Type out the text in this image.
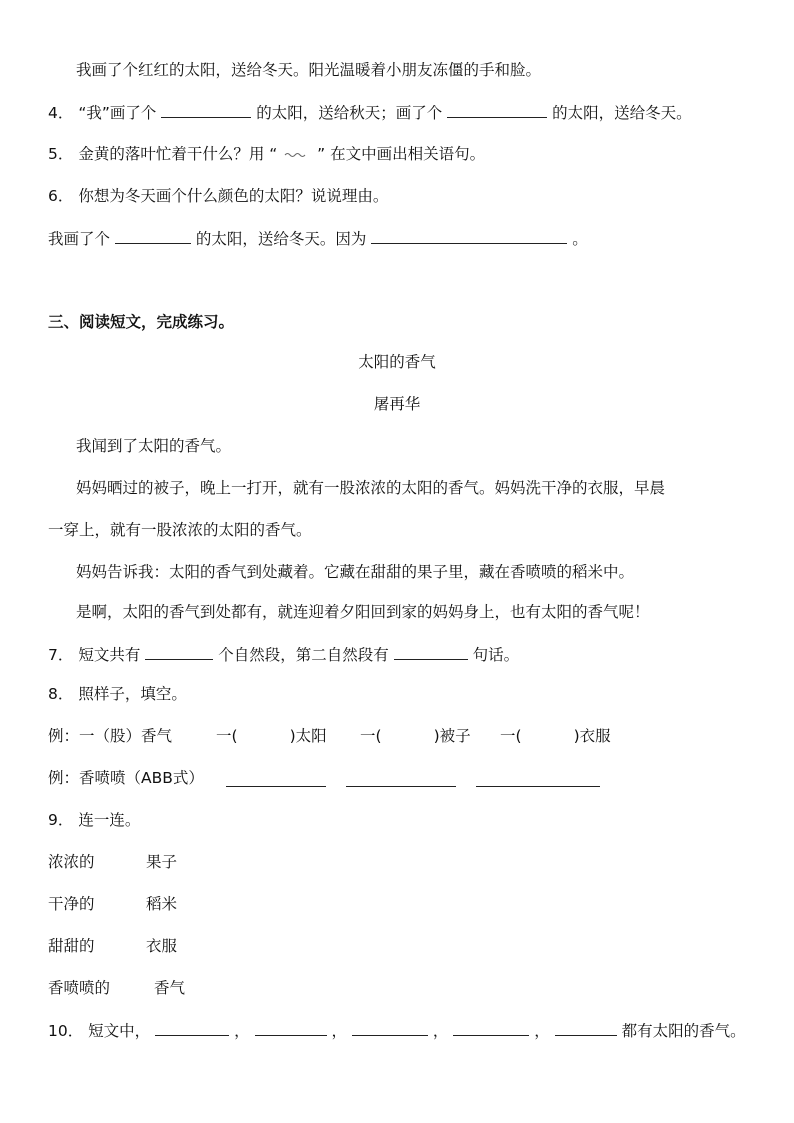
我画了个红红的太阳，送给冬天。阳光温暖着小朋友冻僵的手和脸。
4． “我”画了个	的太阳，送给秋天；画了个	的太阳，送给冬天。
5． 金黄的落叶忙着干什么？用 “	” 在文中画出相关语句。
6． 你想为冬天画个什么颜色的太阳？说说理由。
我画了个	的太阳，送给冬天。因为	。
三、阅读短文，完成练习。
太阳的香气
屠再华
我闻到了太阳的香气。
妈妈晒过的被子，晚上一打开，就有一股浓浓的太阳的香气。妈妈洗干净的衣服，早晨
一穿上，就有一股浓浓的太阳的香气。
妈妈告诉我：太阳的香气到处藏着。它藏在甜甜的果子里，藏在香喷喷的稻米中。
是啊，太阳的香气到处都有，就连迎着夕阳回到家的妈妈身上，也有太阳的香气呢！
7． 短文共有	个自然段，第二自然段有	句话。
8． 照样子，填空。
例：一（股）香气	一(	)太阳 一(	)被子 一(	)衣服
例：香喷喷（ABB式）
9． 连一连。
浓浓的	果子
干净的	稻米
甜甜的	衣服
香喷喷的	香气
10． 短文中，	，	，	，	，	都有太阳的香气。
